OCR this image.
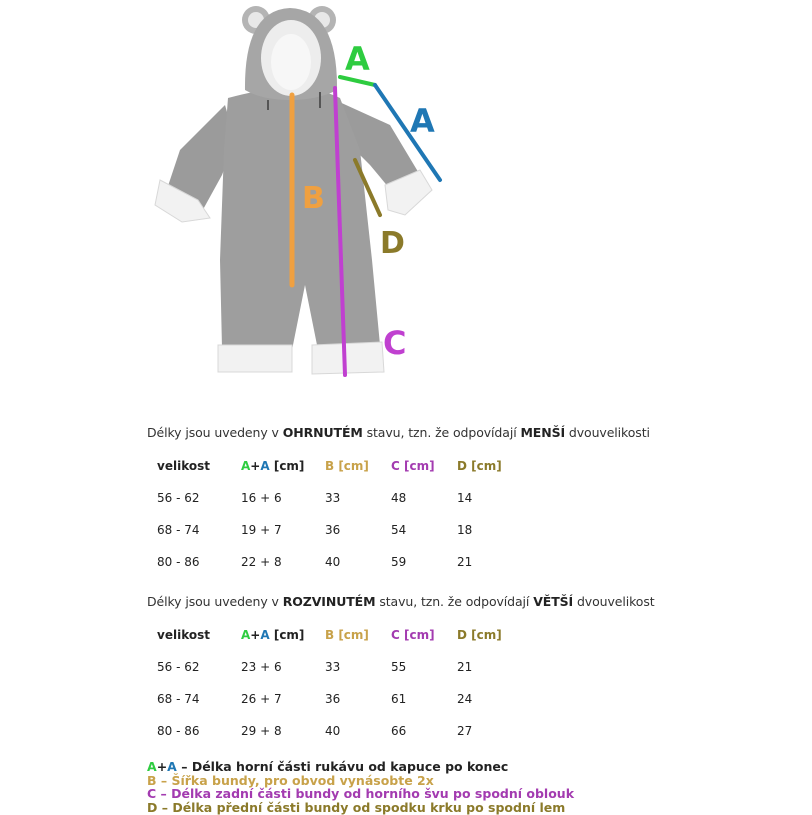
A
A
B
D
C
Délky jsou uvedeny v OHRNUTÉM stavu, tzn. že odpovídají MENŠÍ dvouvelikosti
velikost	A+A [cm]	B [cm]	C [cm]	D [cm]
56 - 62	16 + 6	33	48	14
68 - 74	19 + 7	36	54	18
80 - 86	22 + 8	40	59	21
Délky jsou uvedeny v ROZVINUTÉM stavu, tzn. že odpovídají VĚTŠÍ dvouvelikost
velikost	A+A [cm]	B [cm]	C [cm]	D [cm]
56 - 62	23 + 6	33	55	21
68 - 74	26 + 7	36	61	24
80 - 86	29 + 8	40	66	27
A+A – Délka horní části rukávu od kapuce po konec
B – Šířka bundy, pro obvod vynásobte 2x
C – Délka zadní části bundy od horního švu po spodní oblouk
D – Délka přední části bundy od spodku krku po spodní lem
